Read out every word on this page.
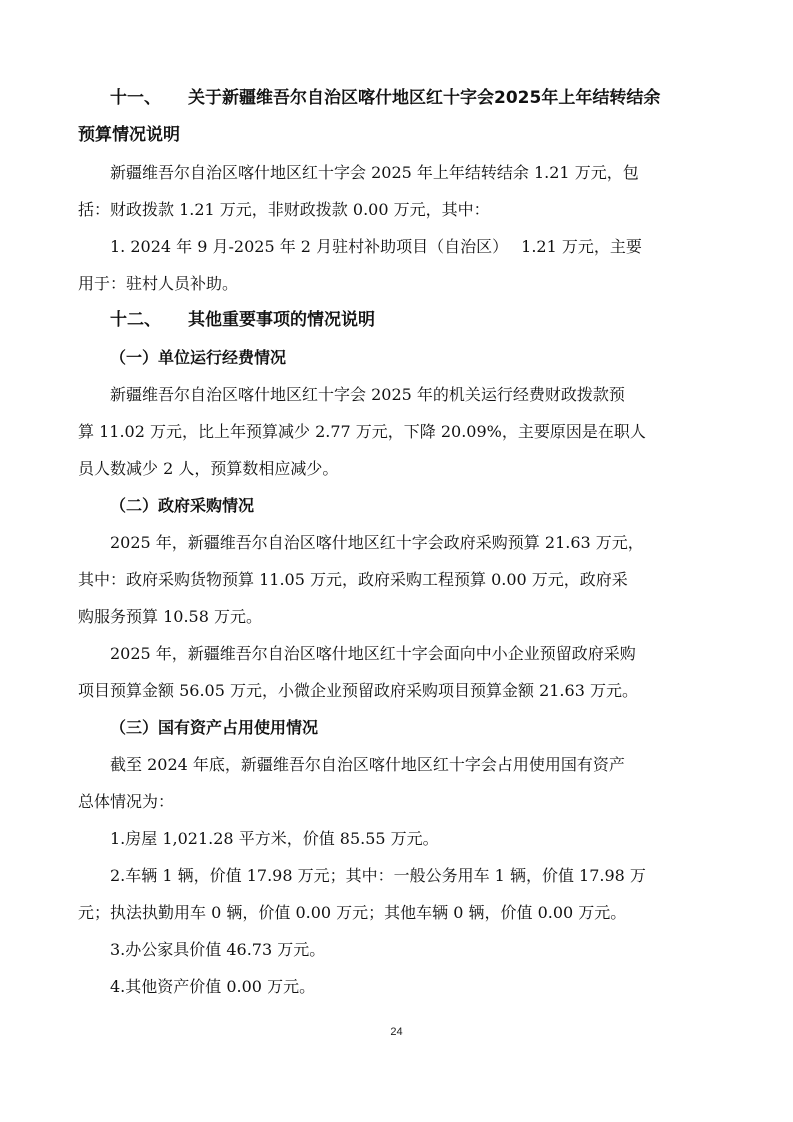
十一、 关于新疆维吾尔自治区喀什地区红十字会2025年上年结转结余
预算情况说明
新疆维吾尔自治区喀什地区红十字会 2025 年上年结转结余 1.21 万元，包
括：财政拨款 1.21 万元，非财政拨款 0.00 万元，其中：
1. 2024 年 9 月-2025 年 2 月驻村补助项目（自治区）　 1.21 万元，主要
用于：驻村人员补助。
十二、 其他重要事项的情况说明
（一）单位运行经费情况
新疆维吾尔自治区喀什地区红十字会 2025 年的机关运行经费财政拨款预
算 11.02 万元，比上年预算减少 2.77 万元，下降 20.09%，主要原因是在职人
员人数减少 2 人，预算数相应减少。
（二）政府采购情况
2025 年，新疆维吾尔自治区喀什地区红十字会政府采购预算 21.63 万元，
其中：政府采购货物预算 11.05 万元，政府采购工程预算 0.00 万元，政府采
购服务预算 10.58 万元。
2025 年，新疆维吾尔自治区喀什地区红十字会面向中小企业预留政府采购
项目预算金额 56.05 万元，小微企业预留政府采购项目预算金额 21.63 万元。
（三）国有资产占用使用情况
截至 2024 年底，新疆维吾尔自治区喀什地区红十字会占用使用国有资产
总体情况为：
1.房屋 1,021.28 平方米，价值 85.55 万元。
2.车辆 1 辆，价值 17.98 万元；其中：一般公务用车 1 辆，价值 17.98 万
元；执法执勤用车 0 辆，价值 0.00 万元；其他车辆 0 辆，价值 0.00 万元。
3.办公家具价值 46.73 万元。
4.其他资产价值 0.00 万元。
24
